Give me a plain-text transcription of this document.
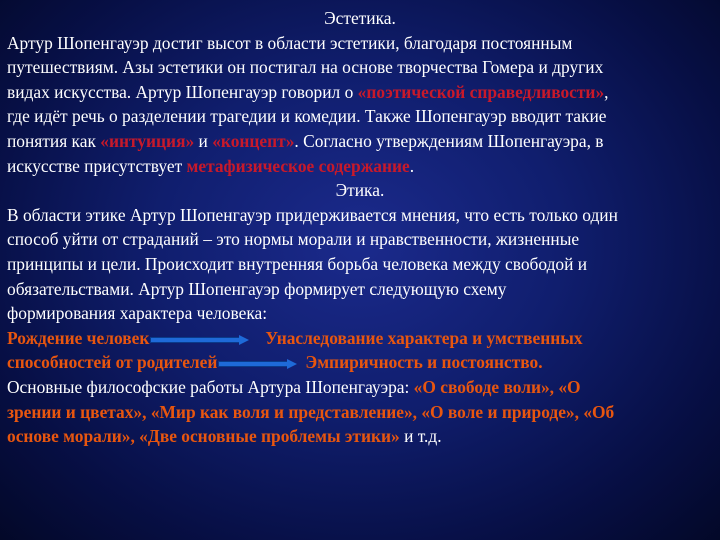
Эстетика.
Артур Шопенгауэр достиг высот в области эстетики, благодаря постоянным
путешествиям. Азы эстетики он постигал на основе творчества Гомера и других
видах искусства. Артур Шопенгауэр говорил о «поэтической справедливости»,
где идёт речь о разделении трагедии и комедии. Также Шопенгауэр вводит такие
понятия как «интуиция» и «концепт». Согласно утверждениям Шопенгауэра, в
искусстве присутствует метафизическое содержание.
Этика.
В области этике Артур Шопенгауэр придерживается мнения, что есть только один
способ уйти от страданий – это нормы морали и нравственности, жизненные
принципы и цели. Происходит внутренняя борьба человека между свободой и
обязательствами. Артур Шопенгауэр формирует следующую схему
формирования характера человека:
Рождение человек	Унаследование характера и умственных
способностей от родителей	Эмпиричность и постоянство.
Основные философские работы Артура Шопенгауэра: «О свободе воли», «О
зрении и цветах», «Мир как воля и представление», «О воле и природе», «Об
основе морали», «Две основные проблемы этики» и т.д.
